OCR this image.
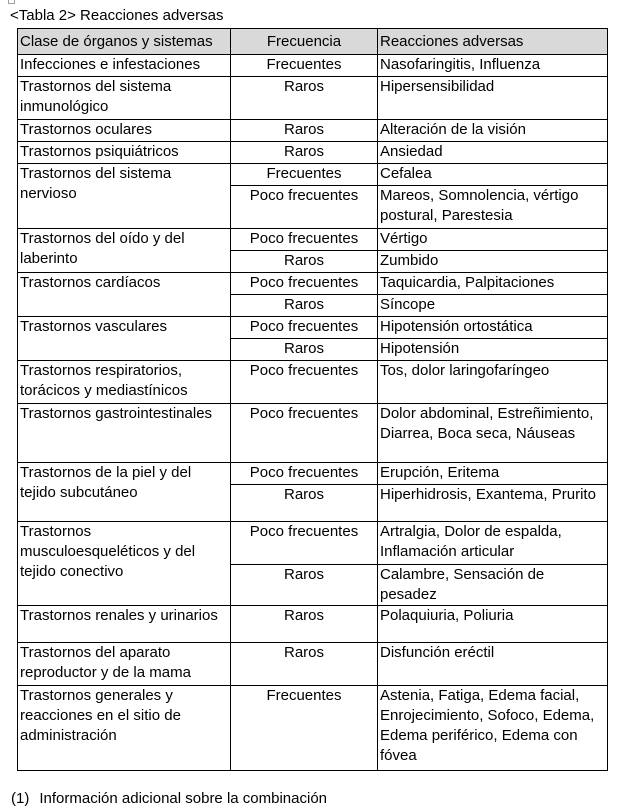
<Tabla 2> Reacciones adversas
Clase de órganos y sistemas	Frecuencia	Reacciones adversas
Infecciones e infestaciones	Frecuentes	Nasofaringitis, Influenza
Trastornos del sistema inmunológico	Raros	Hipersensibilidad
Trastornos oculares	Raros	Alteración de la visión
Trastornos psiquiátricos	Raros	Ansiedad
Trastornos del sistema nervioso	Frecuentes	Cefalea
	Poco frecuentes	Mareos, Somnolencia, vértigo postural, Parestesia
Trastornos del oído y del laberinto	Poco frecuentes	Vértigo
	Raros	Zumbido
Trastornos cardíacos	Poco frecuentes	Taquicardia, Palpitaciones
	Raros	Síncope
Trastornos vasculares	Poco frecuentes	Hipotensión ortostática
	Raros	Hipotensión
Trastornos respiratorios, torácicos y mediastínicos	Poco frecuentes	Tos, dolor laringofaríngeo
Trastornos gastrointestinales	Poco frecuentes	Dolor abdominal, Estreñimiento, Diarrea, Boca seca, Náuseas
Trastornos de la piel y del tejido subcutáneo	Poco frecuentes	Erupción, Eritema
	Raros	Hiperhidrosis, Exantema, Prurito
Trastornos musculoesqueléticos y del tejido conectivo	Poco frecuentes	Artralgia, Dolor de espalda, Inflamación articular
	Raros	Calambre, Sensación de pesadez
Trastornos renales y urinarios	Raros	Polaquiuria, Poliuria
Trastornos del aparato reproductor y de la mama	Raros	Disfunción eréctil
Trastornos generales y reacciones en el sitio de administración	Frecuentes	Astenia, Fatiga, Edema facial, Enrojecimiento, Sofoco, Edema, Edema periférico, Edema con fóvea
(1) Información adicional sobre la combinación
